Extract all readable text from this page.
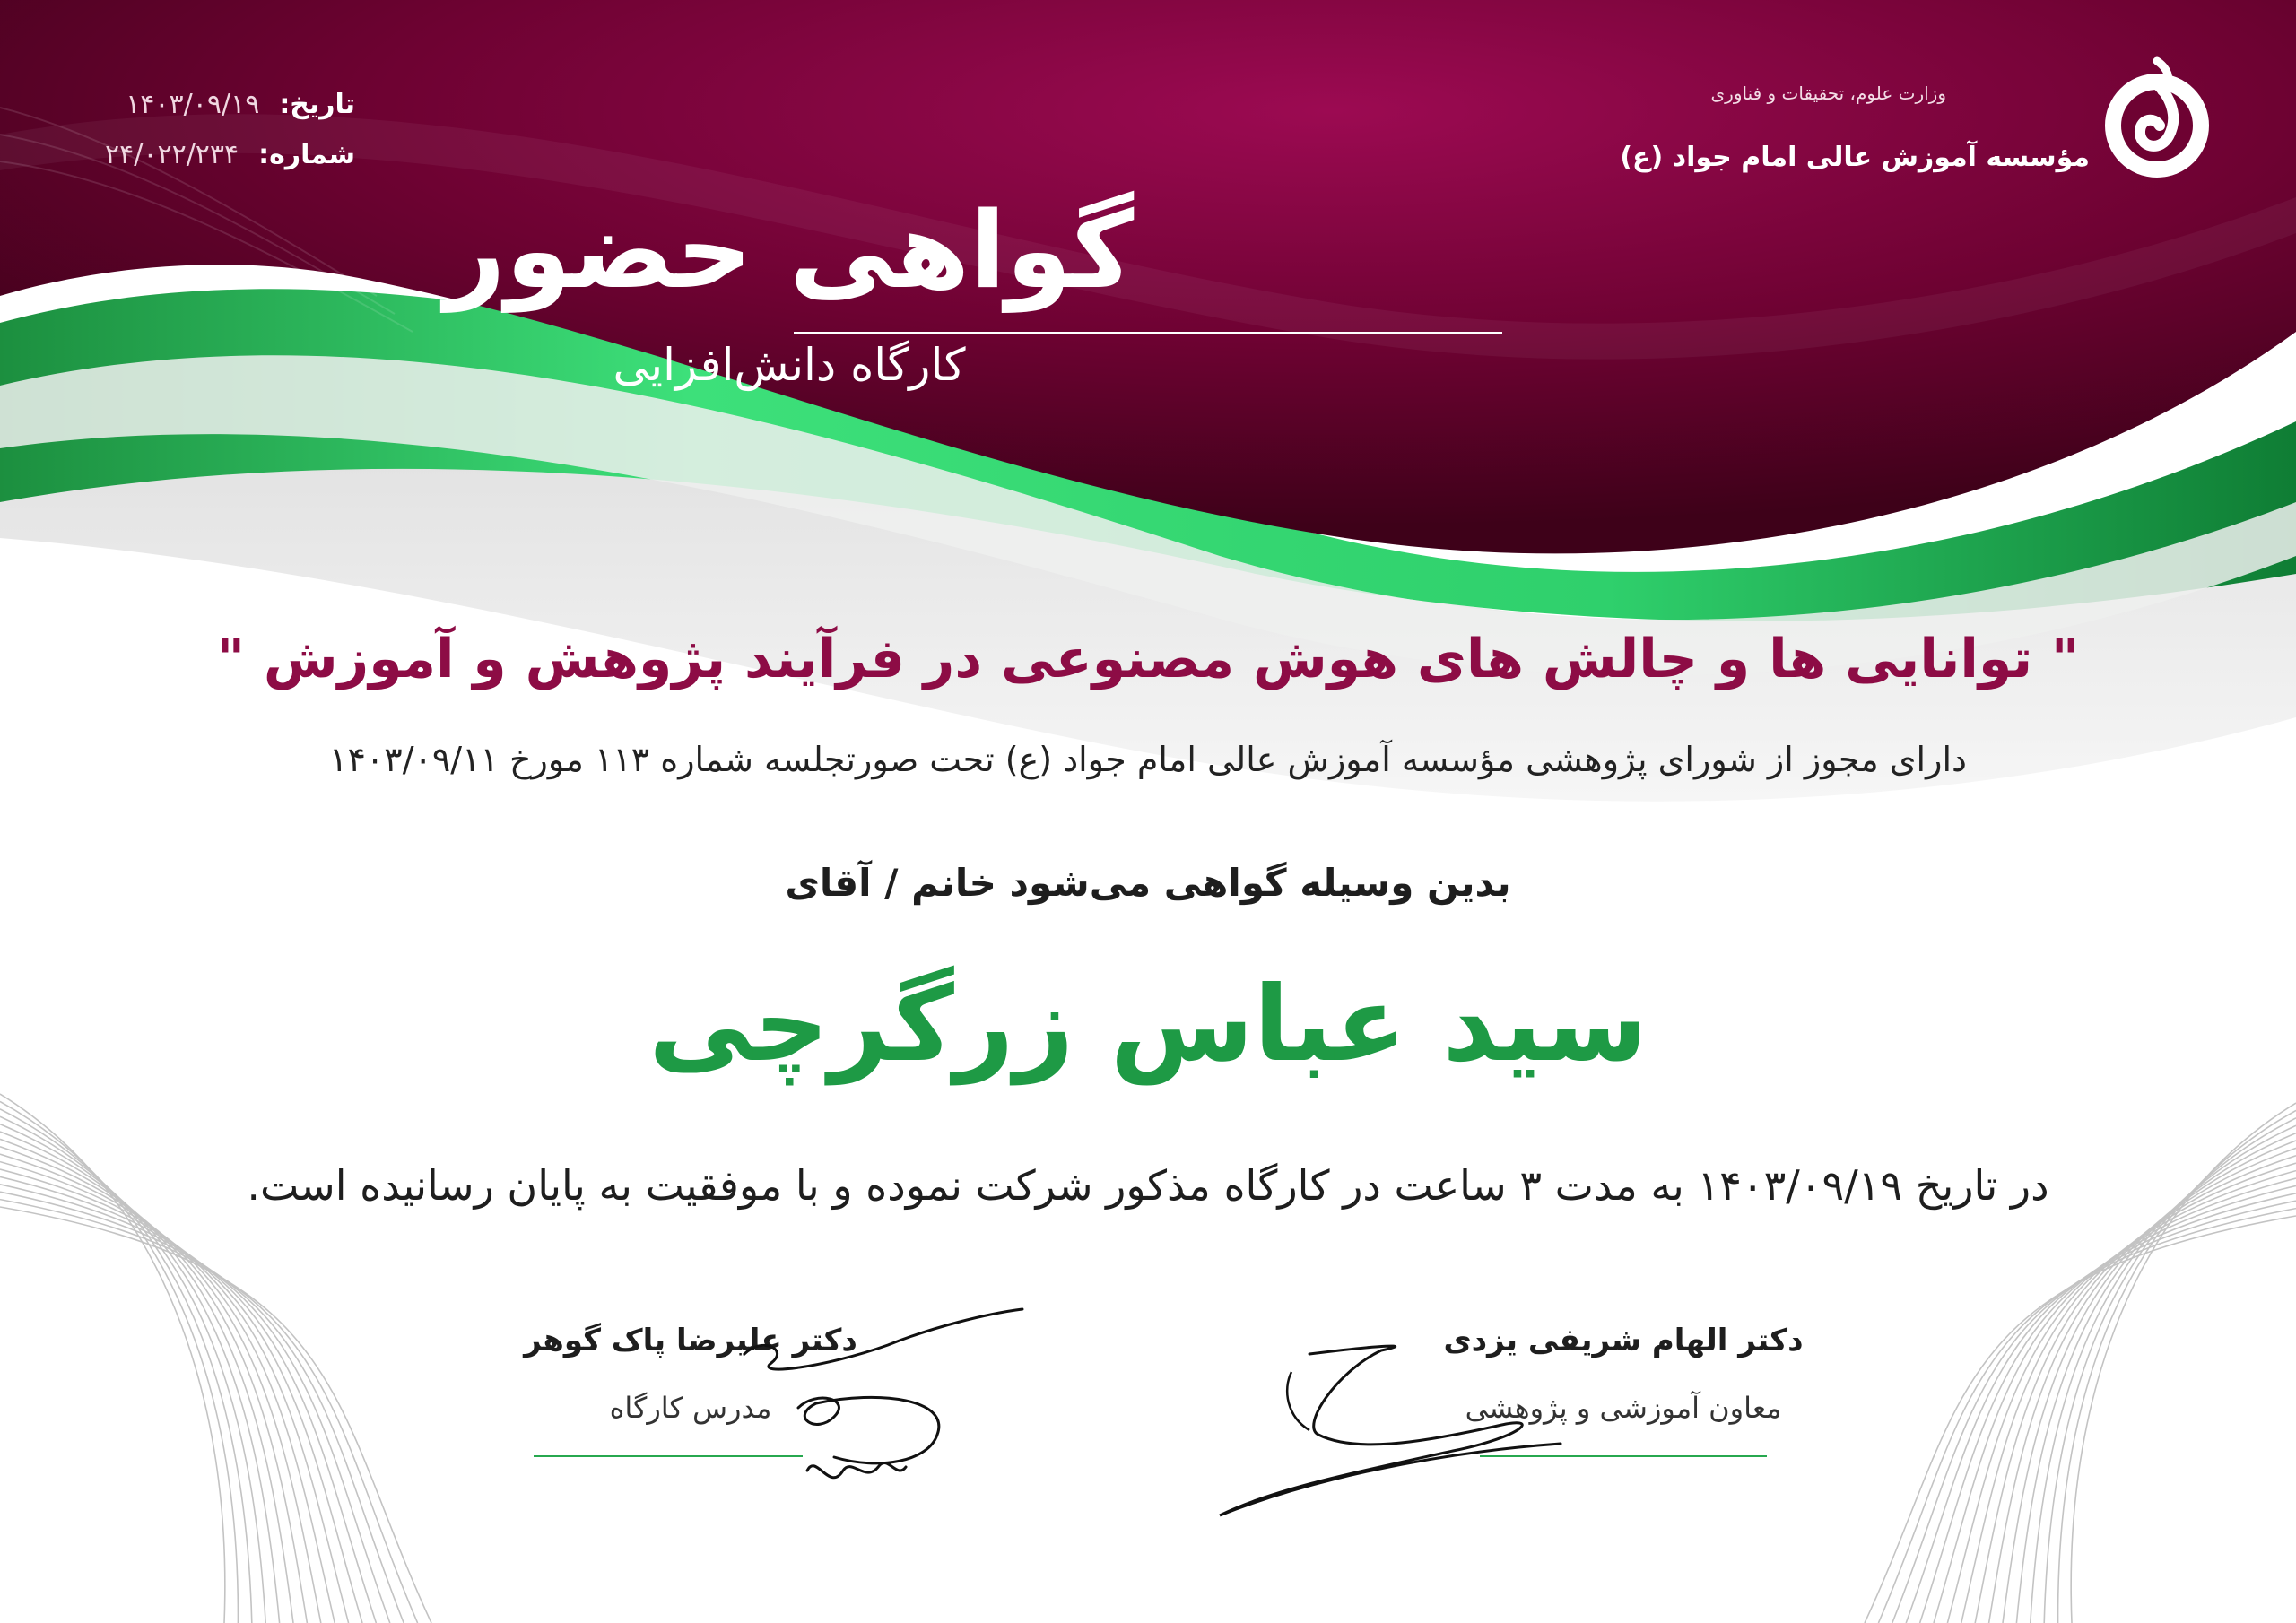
وزارت علوم، تحقیقات و فناوری
مؤسسه آموزش عالی امام جواد (ع)
تاریخ:
۱۴۰۳/۰۹/۱۹
شماره:
۲۴/۰۲۲/۲۳۴
گواهی حضور
کارگاه دانش‌افزایی
" توانایی ها و چالش های هوش مصنوعی در فرآیند پژوهش و آموزش "
دارای مجوز از شورای پژوهشی مؤسسه آموزش عالی امام جواد (ع) تحت صورتجلسه شماره ۱۱۳ مورخ ۱۴۰۳/۰۹/۱۱
بدین وسیله گواهی می‌شود خانم / آقای
سید عباس زرگرچی
در تاریخ ۱۴۰۳/۰۹/۱۹ به مدت ۳ ساعت در کارگاه مذکور شرکت نموده و با موفقیت به پایان رسانیده است.
دکتر الهام شریفی یزدی
معاون آموزشی و پژوهشی
دکتر علیرضا پاک گوهر
مدرس کارگاه
